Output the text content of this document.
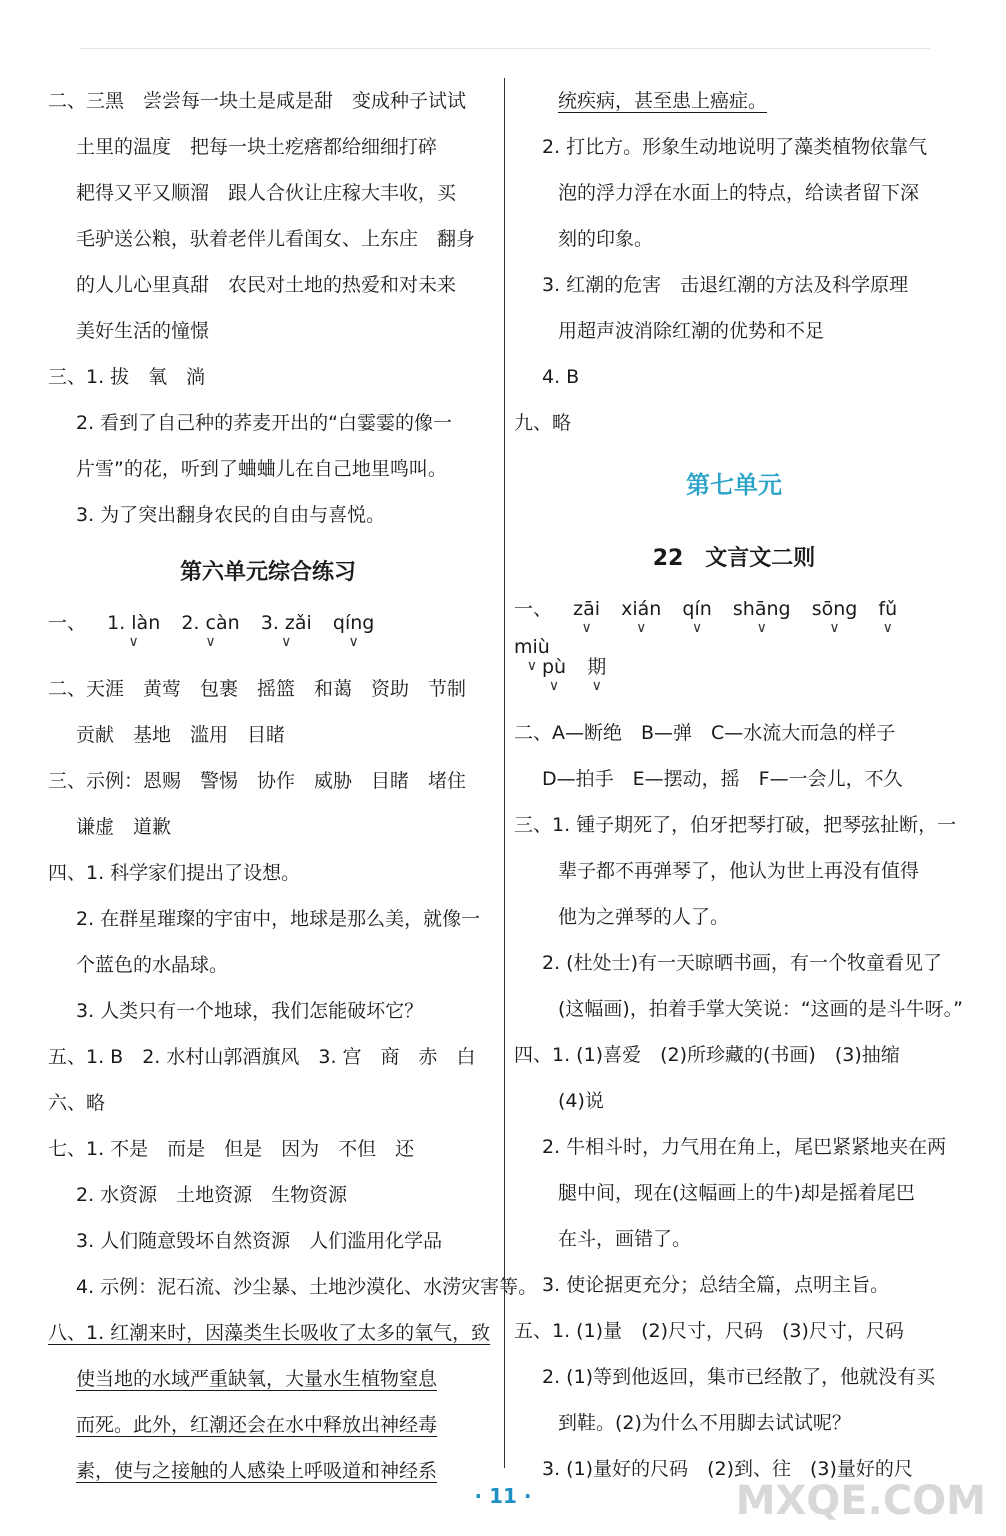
二、三黑　尝尝每一块土是咸是甜　变成种子试试
土里的温度　把每一块土疙瘩都给细细打碎
耙得又平又顺溜　跟人合伙让庄稼大丰收，买
毛驴送公粮，驮着老伴儿看闺女、上东庄　翻身
的人儿心里真甜　农民对土地的热爱和对未来
美好生活的憧憬
三、1. 拔　氧　淌
2. 看到了自己种的荞麦开出的“白霎霎的像一
片雪”的花，听到了蛐蛐儿在自己地里鸣叫。
3. 为了突出翻身农民的自由与喜悦。
第六单元综合练习
一、
1. làn
∨

2. càn
∨

3. zǎi
∨

qíng
∨
二、天涯　黄莺　包裹　摇篮　和蔼　资助　节制
贡献　基地　滥用　目睹
三、示例：恩赐　警惕　协作　威胁　目睹　堵住
谦虚　道歉
四、1. 科学家们提出了设想。
2. 在群星璀璨的宇宙中，地球是那么美，就像一
个蓝色的水晶球。
3. 人类只有一个地球，我们怎能破坏它？
五、1. B　2. 水村山郭酒旗风　3. 宫　商　赤　白
六、略
七、1. 不是　而是　但是　因为　不但　还
2. 水资源　土地资源　生物资源
3. 人们随意毁坏自然资源　人们滥用化学品
4. 示例：泥石流、沙尘暴、土地沙漠化、水涝灾害等。
八、1. 红潮来时，因藻类生长吸收了太多的氧气，致
使当地的水域严重缺氧，大量水生植物窒息
而死。此外，红潮还会在水中释放出神经毒
素，使与之接触的人感染上呼吸道和神经系
统疾病，甚至患上癌症。
2. 打比方。形象生动地说明了藻类植物依靠气
泡的浮力浮在水面上的特点，给读者留下深
刻的印象。
3. 红潮的危害　击退红潮的方法及科学原理
用超声波消除红潮的优势和不足
4. B
九、略
第七单元
22　文言文二则
一、
zāi
∨

xián
∨

qín
∨

shāng
∨

sōng
∨

fǔ
∨

miù
∨ pù
∨

期
∨
二、A—断绝　B—弹　C—水流大而急的样子
D—拍手　E—摆动，摇　F—一会儿，不久
三、1. 锺子期死了，伯牙把琴打破，把琴弦扯断，一
辈子都不再弹琴了，他认为世上再没有值得
他为之弹琴的人了。
2. (杜处士)有一天晾晒书画，有一个牧童看见了
(这幅画)，拍着手掌大笑说：“这画的是斗牛呀。”
四、1. (1)喜爱　(2)所珍藏的(书画)　(3)抽缩
(4)说
2. 牛相斗时，力气用在角上，尾巴紧紧地夹在两
腿中间，现在(这幅画上的牛)却是摇着尾巴
在斗，画错了。
3. 使论据更充分；总结全篇，点明主旨。
五、1. (1)量　(2)尺寸，尺码　(3)尺寸，尺码
2. (1)等到他返回，集市已经散了，他就没有买
到鞋。(2)为什么不用脚去试试呢？
3. (1)量好的尺码　(2)到、往　(3)量好的尺
· 11 ·	MXQE.COM
